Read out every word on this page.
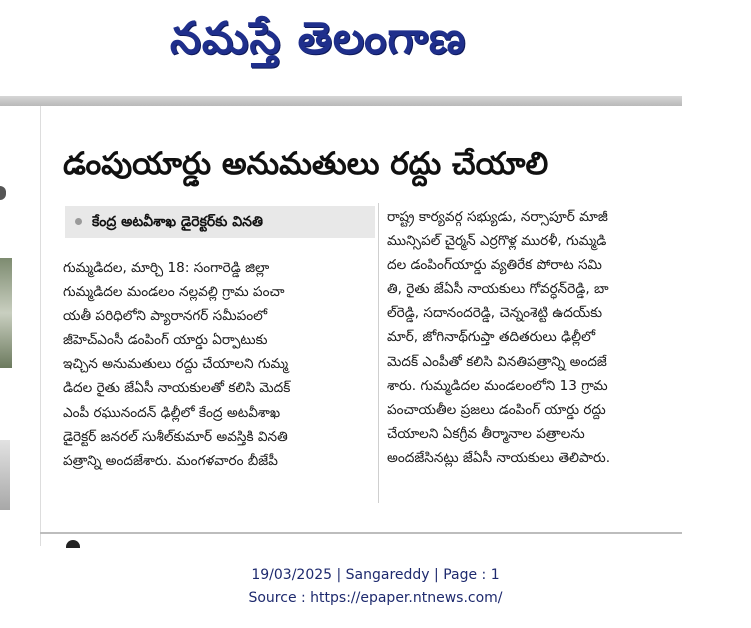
నమస్తే తెలంగాణ
డంపుయార్డు అనుమతులు రద్దు చేయాలి
కేంద్ర అటవీశాఖ డైరెక్టర్‌కు వినతి
గుమ్మడిదల, మార్చి 18: సంగారెడ్డి జిల్లా
గుమ్మడిదల మండలం నల్లవల్లి గ్రామ పంచా
యతీ పరిధిలోని ప్యారానగర్ సమీపంలో
జీహెచ్‌ఎంసీ డంపింగ్ యార్డు ఏర్పాటుకు
ఇచ్చిన అనుమతులు రద్దు చేయాలని గుమ్మ
డిదల రైతు జేఏసీ నాయకులతో కలిసి మెదక్
ఎంపీ రఘునందన్ ఢిల్లీలో కేంద్ర అటవీశాఖ
డైరెక్టర్ జనరల్ సుశీల్‌కుమార్ అవస్తికి వినతి
పత్రాన్ని అందజేశారు. మంగళవారం బీజేపీ
రాష్ట్ర కార్యవర్గ సభ్యుడు, నర్సాపూర్ మాజీ
మున్సిపల్ చైర్మన్ ఎర్రగొళ్ల మురళీ, గుమ్మడి
దల డంపింగ్‌యార్డు వ్యతిరేక పోరాట సమి
తి, రైతు జేఏసీ నాయకులు గోవర్ధన్‌రెడ్డి, బా
ల్‌రెడ్డి, సదానందరెడ్డి, చెన్నంశెట్టి ఉదయ్‌కు
మార్, జోగినాథ్‌గుప్తా తదితరులు ఢిల్లీలో
మెదక్ ఎంపీతో కలిసి వినతిపత్రాన్ని అందజే
శారు. గుమ్మడిదల మండలంలోని 13 గ్రామ
పంచాయతీల ప్రజలు డంపింగ్ యార్డు రద్దు
చేయాలని ఏకగ్రీవ తీర్మానాల పత్రాలను
అందజేసినట్లు జేఏసీ నాయకులు తెలిపారు.
19/03/2025 | Sangareddy | Page : 1
Source : https://epaper.ntnews.com/
